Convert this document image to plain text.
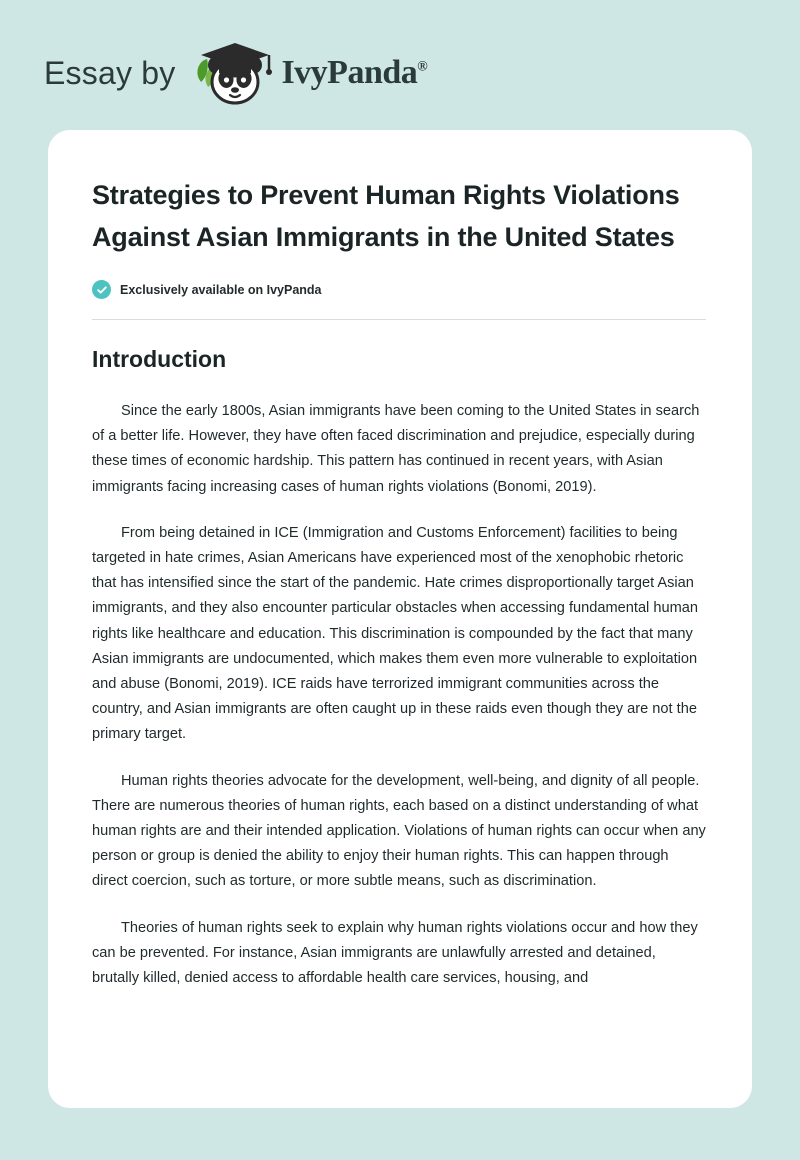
Essay by	IvyPanda®
Strategies to Prevent Human Rights Violations Against Asian Immigrants in the United States
Exclusively available on IvyPanda
Introduction

Since the early 1800s, Asian immigrants have been coming to the United States in search of a better life. However, they have often faced discrimination and prejudice, especially during these times of economic hardship. This pattern has continued in recent years, with Asian immigrants facing increasing cases of human rights violations (Bonomi, 2019).

From being detained in ICE (Immigration and Customs Enforcement) facilities to being targeted in hate crimes, Asian Americans have experienced most of the xenophobic rhetoric that has intensified since the start of the pandemic. Hate crimes disproportionally target Asian immigrants, and they also encounter particular obstacles when accessing fundamental human rights like healthcare and education. This discrimination is compounded by the fact that many Asian immigrants are undocumented, which makes them even more vulnerable to exploitation and abuse (Bonomi, 2019). ICE raids have terrorized immigrant communities across the country, and Asian immigrants are often caught up in these raids even though they are not the primary target.

Human rights theories advocate for the development, well-being, and dignity of all people. There are numerous theories of human rights, each based on a distinct understanding of what human rights are and their intended application. Violations of human rights can occur when any person or group is denied the ability to enjoy their human rights. This can happen through direct coercion, such as torture, or more subtle means, such as discrimination.

Theories of human rights seek to explain why human rights violations occur and how they can be prevented. For instance, Asian immigrants are unlawfully arrested and detained, brutally killed, denied access to affordable health care services, housing, and
